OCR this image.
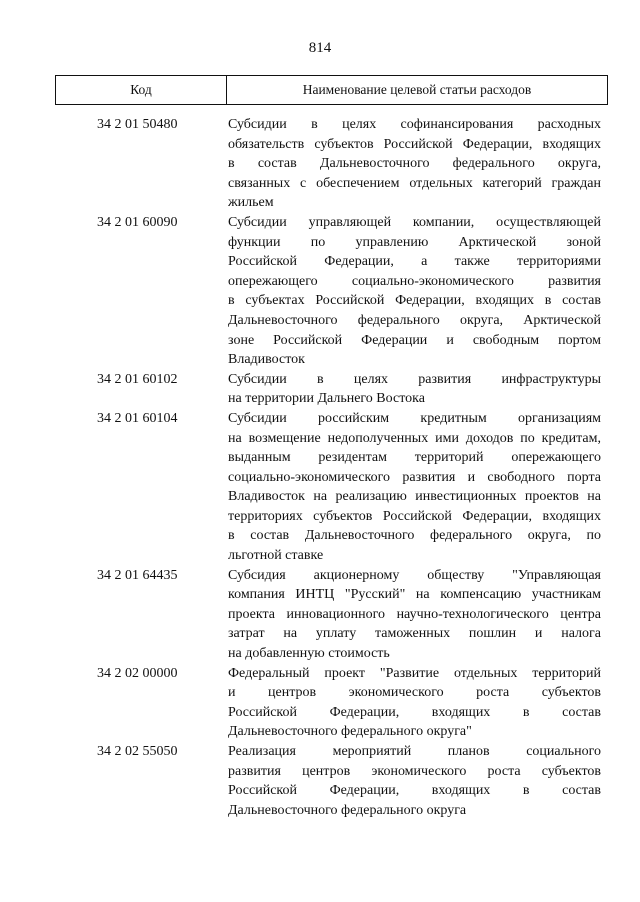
814
Код	Наименование целевой статьи расходов
34 2 01 50480	Субсидии в целях софинансирования расходных
обязательств субъектов Российской Федерации, входящих
в состав Дальневосточного федерального округа,
связанных с обеспечением отдельных категорий граждан
жильем
34 2 01 60090	Субсидии управляющей компании, осуществляющей
функции по управлению Арктической зоной
Российской Федерации, а также территориями
опережающего социально-экономического развития
в субъектах Российской Федерации, входящих в состав
Дальневосточного федерального округа, Арктической
зоне Российской Федерации и свободным портом
Владивосток
34 2 01 60102	Субсидии в целях развития инфраструктуры
на территории Дальнего Востока
34 2 01 60104	Субсидии российским кредитным организациям
на возмещение недополученных ими доходов по кредитам,
выданным резидентам территорий опережающего
социально-экономического развития и свободного порта
Владивосток на реализацию инвестиционных проектов на
территориях субъектов Российской Федерации, входящих
в состав Дальневосточного федерального округа, по
льготной ставке
34 2 01 64435	Субсидия акционерному обществу "Управляющая
компания ИНТЦ "Русский" на компенсацию участникам
проекта инновационного научно-технологического центра
затрат на уплату таможенных пошлин и налога
на добавленную стоимость
34 2 02 00000	Федеральный проект "Развитие отдельных территорий
и центров экономического роста субъектов
Российской Федерации, входящих в состав
Дальневосточного федерального округа"
34 2 02 55050	Реализация мероприятий планов социального
развития центров экономического роста субъектов
Российской Федерации, входящих в состав
Дальневосточного федерального округа
